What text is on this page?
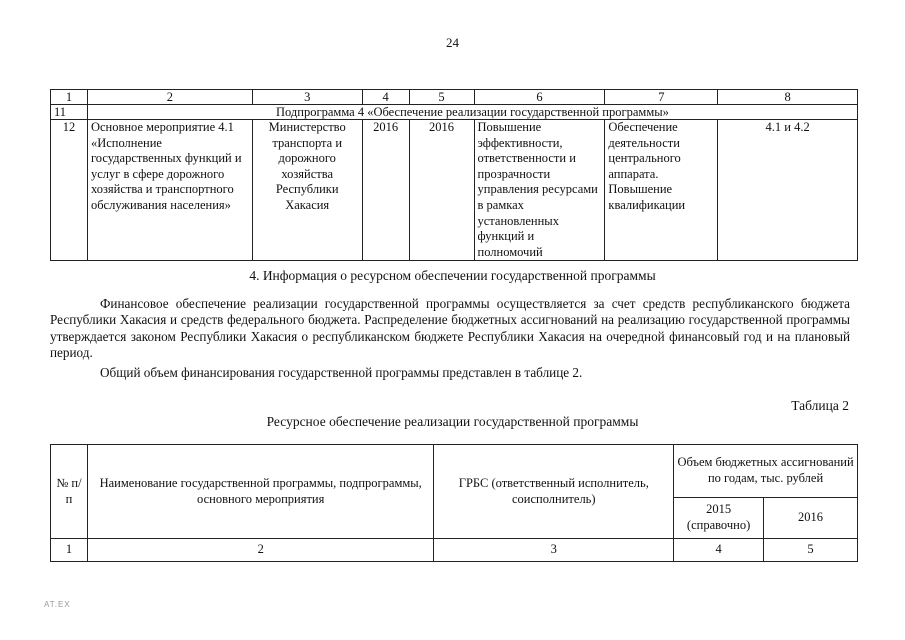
24
1	2	3	4	5	6	7	8
11	Подпрограмма 4 «Обеспечение реализации государственной программы»						
12	Основное мероприятие 4.1 «Исполнение государственных функций и услуг в сфере дорожного хозяйства и транспортного обслуживания населения»	Министерство транспорта и дорожного хозяйства Республики Хакасия	2016	2016	Повышение эффективности, ответственности и прозрачности управления ресурсами в рамках установленных функций и полномочий	Обеспечение деятельности центрального аппарата. Повышение квалификации	4.1 и 4.2
4. Информация о ресурсном обеспечении государственной программы
Финансовое обеспечение реализации государственной программы осуществляется за счет средств республиканского бюджета Республики Хакасия и средств федерального бюджета. Распределение бюджетных ассигнований на реализацию государственной программы утверждается законом Республики Хакасия о республиканском бюджете Республики Хакасия на очередной финансовый год и на плановый период.
Общий объем финансирования государственной программы представлен в таблице 2.
Таблица 2
Ресурсное обеспечение реализации государственной программы
№ п/п	Наименование государственной программы, подпрограммы, основного мероприятия	ГРБС (ответственный исполнитель, соисполнитель)	Объем бюджетных ассигнований по годам, тыс. рублей	
			2015 (справочно)	2016
1	2	3	4	5
AT.EX
